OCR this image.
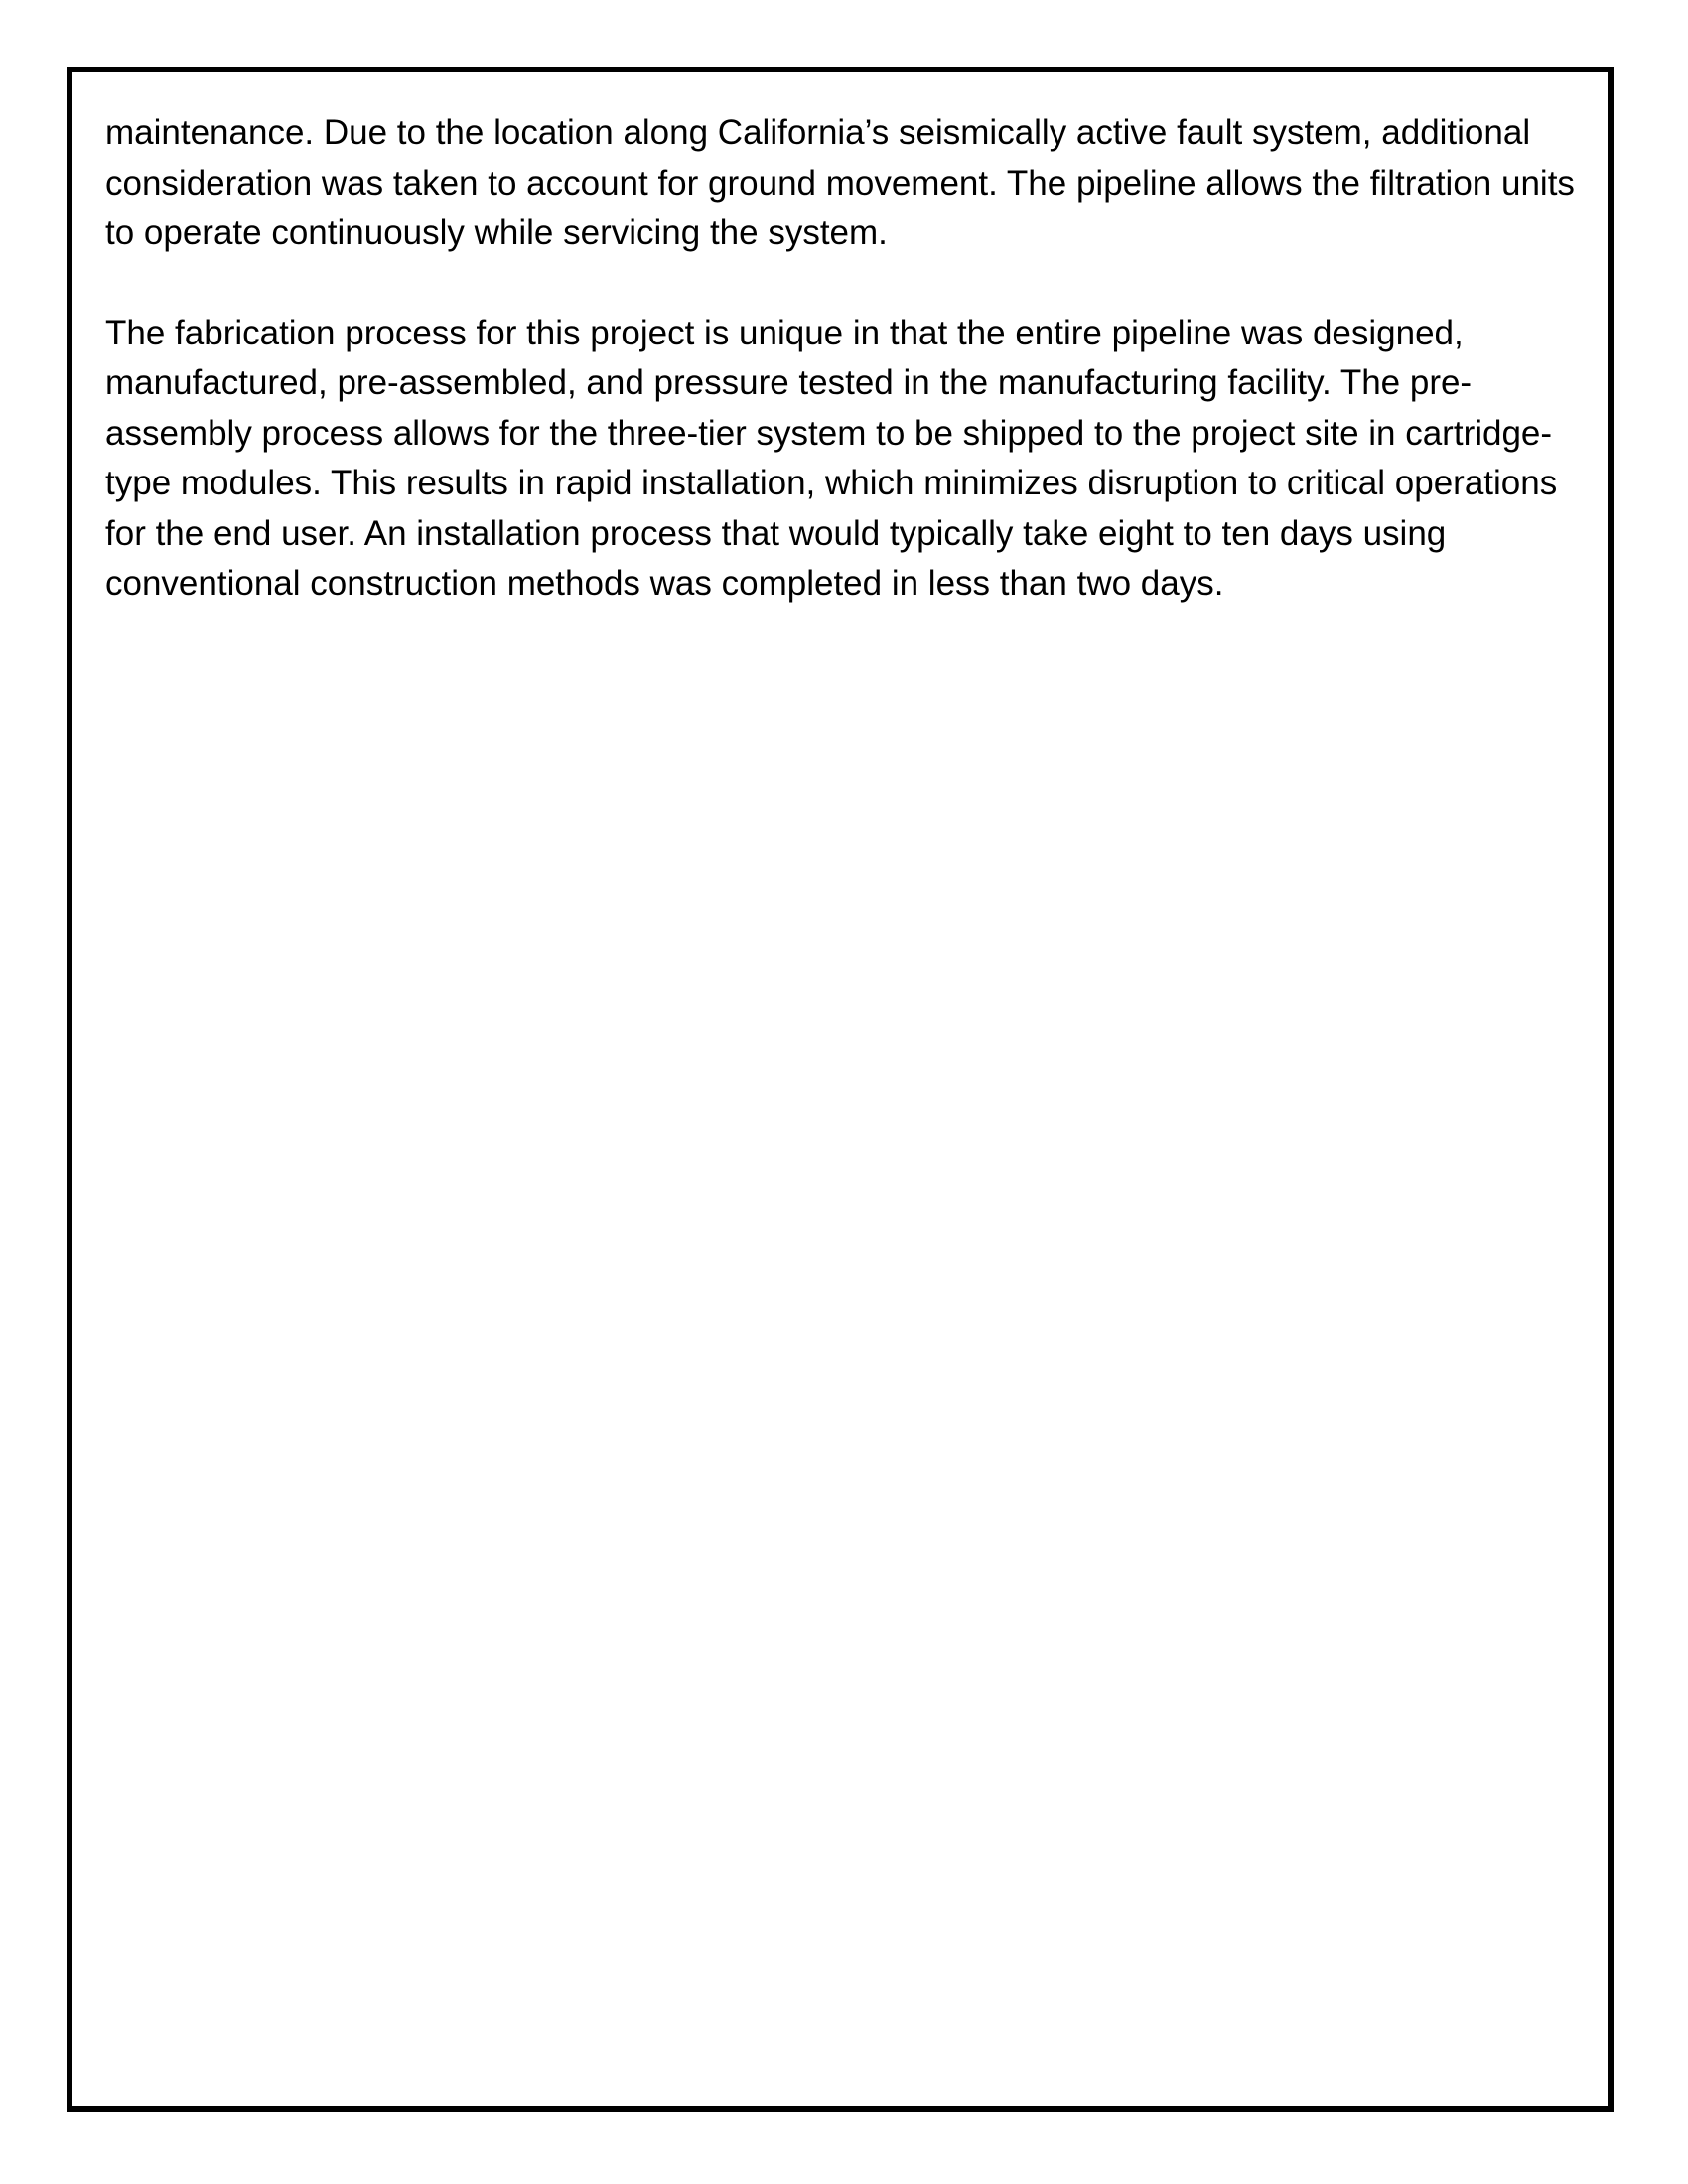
maintenance. Due to the location along California’s seismically active fault system, additional consideration was taken to account for ground movement. The pipeline allows the filtration units to operate continuously while servicing the system.

The fabrication process for this project is unique in that the entire pipeline was designed, manufactured, pre-assembled, and pressure tested in the manufacturing facility. The pre-assembly process allows for the three-tier system to be shipped to the project site in cartridge-type modules. This results in rapid installation, which minimizes disruption to critical operations for the end user. An installation process that would typically take eight to ten days using conventional construction methods was completed in less than two days.
